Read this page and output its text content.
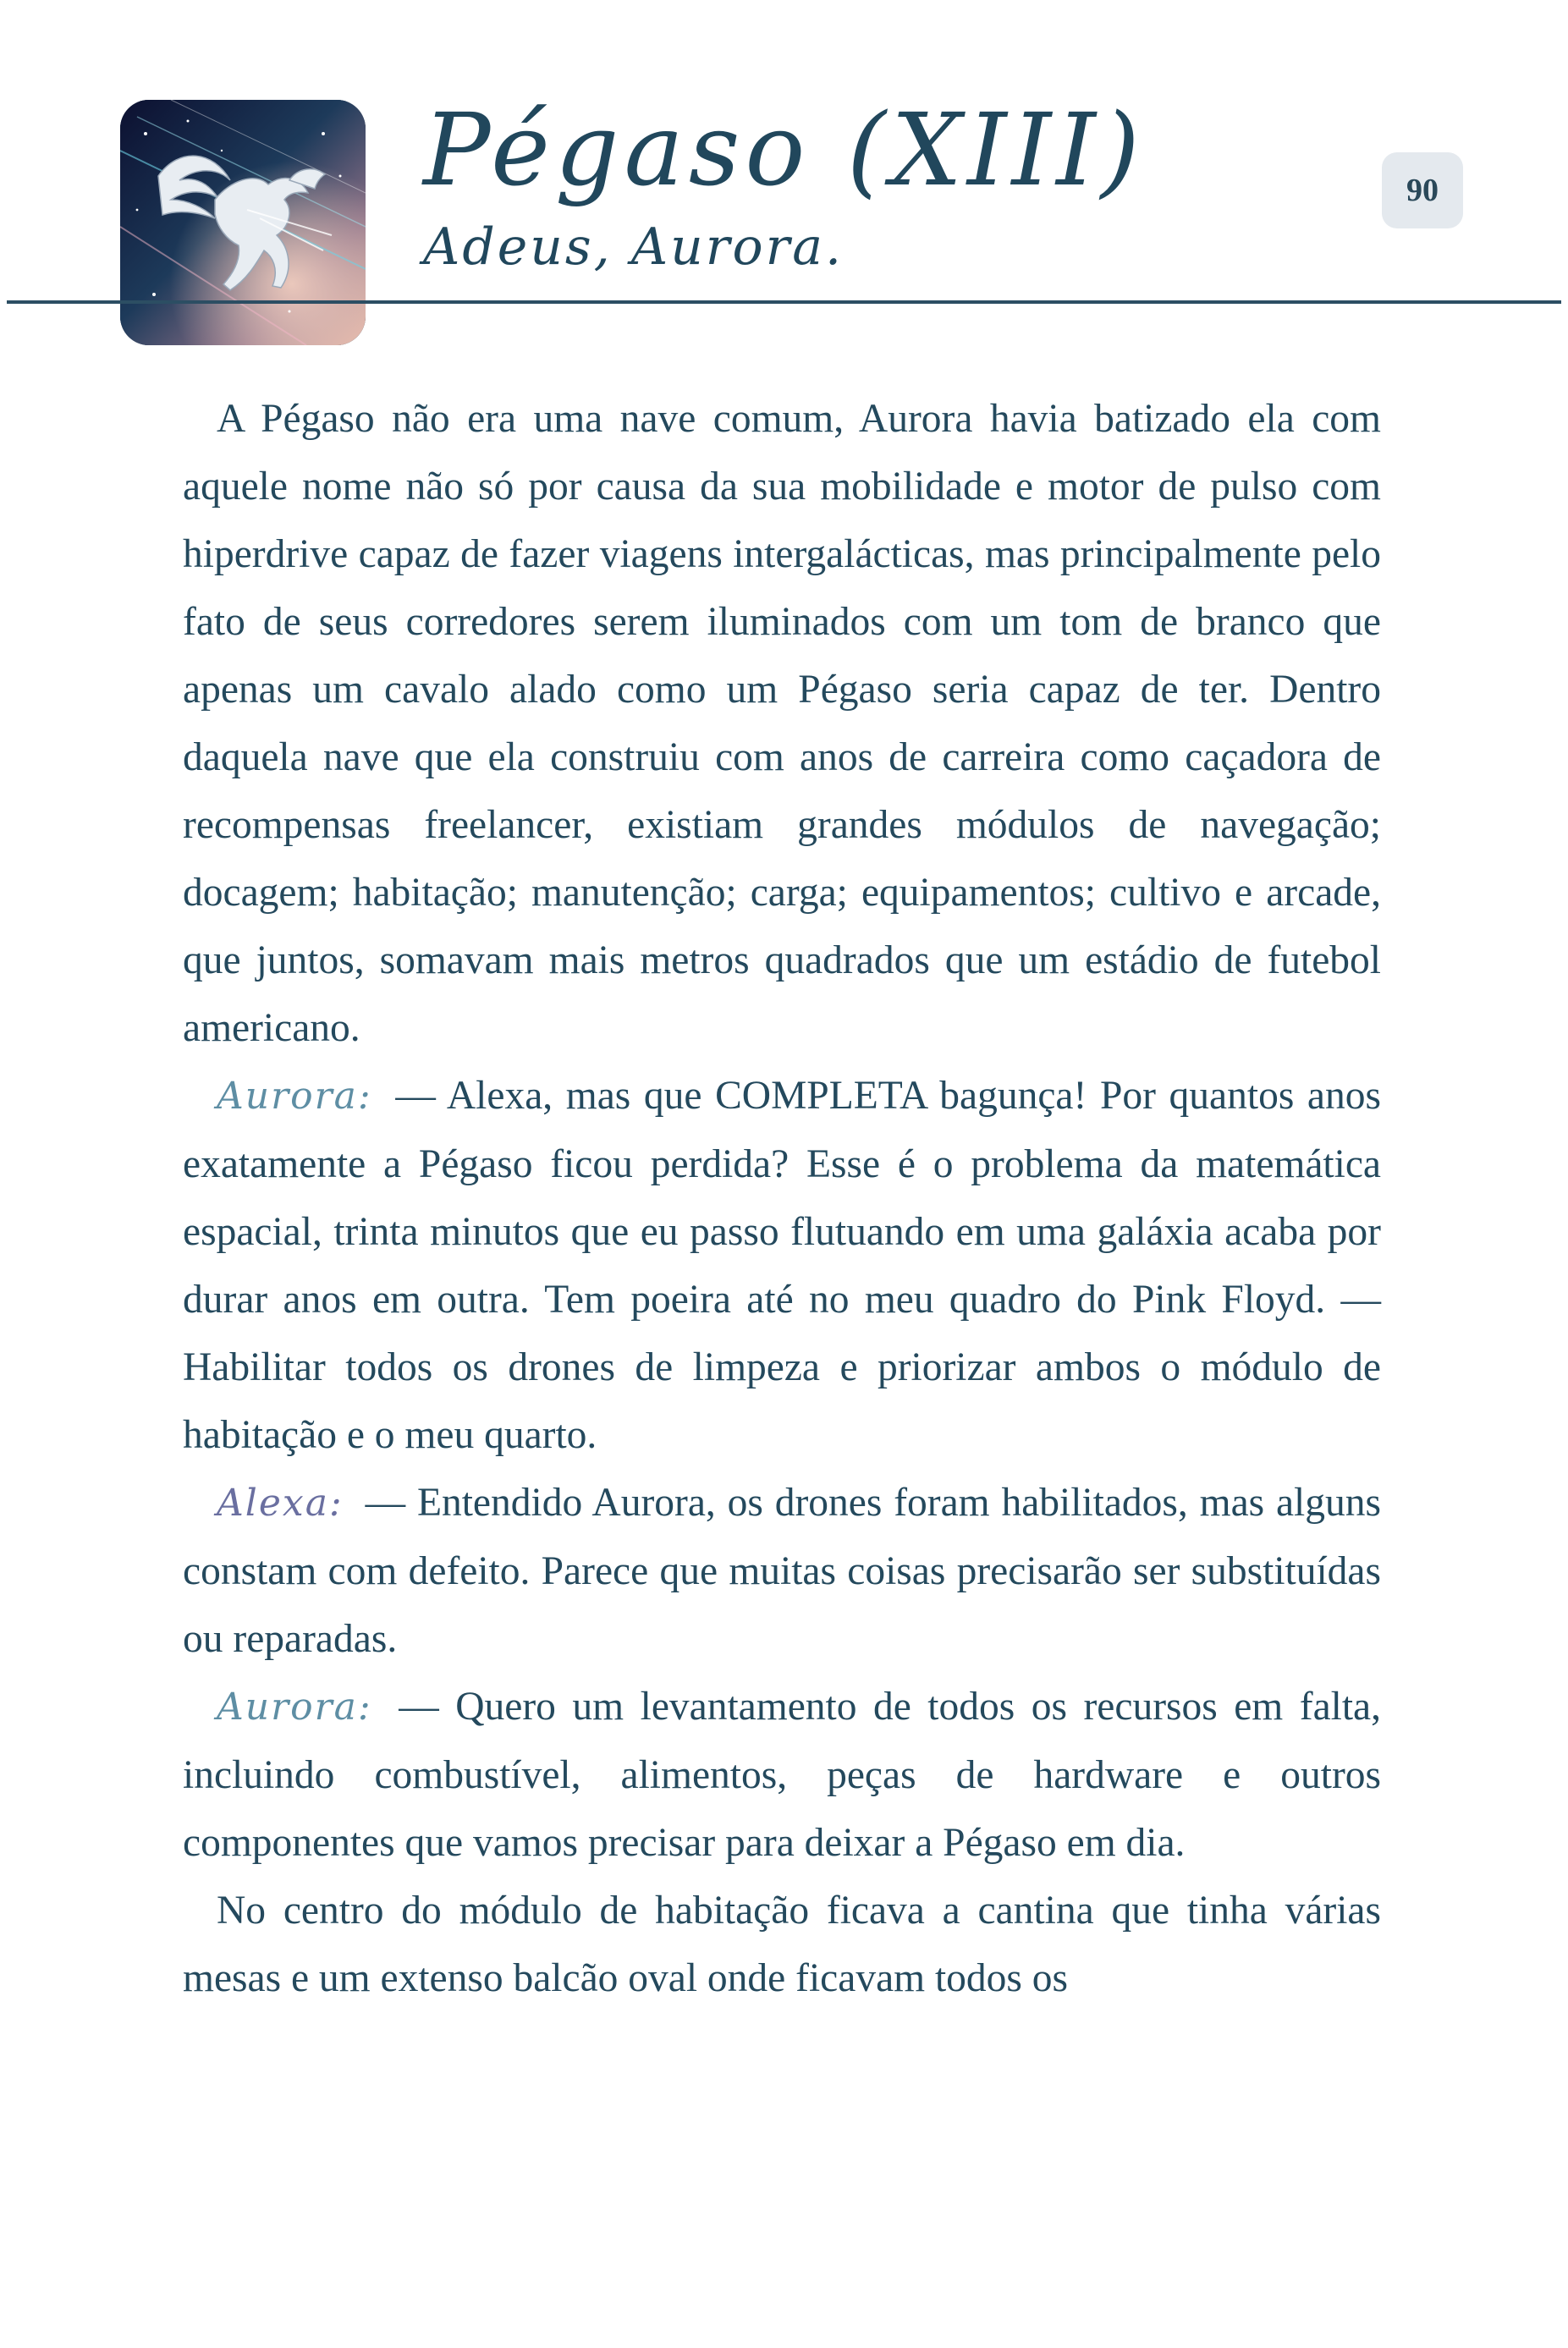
Pégaso (XIII)
Adeus, Aurora.
90

A Pégaso não era uma nave comum, Aurora havia batizado ela com aquele nome não só por causa da sua mobilidade e motor de pulso com hiperdrive capaz de fazer viagens intergalácticas, mas principalmente pelo fato de seus corredores serem iluminados com um tom de branco que apenas um cavalo alado como um Pégaso seria capaz de ter. Dentro daquela nave que ela construiu com anos de carreira como caçadora de recompensas freelancer, existiam grandes módulos de navegação; docagem; habitação; manutenção; carga; equipamentos; cultivo e arcade, que juntos, somavam mais metros quadrados que um estádio de futebol americano.

Aurora: — Alexa, mas que COMPLETA bagunça! Por quantos anos exatamente a Pégaso ficou perdida? Esse é o problema da matemática espacial, trinta minutos que eu passo flutuando em uma galáxia acaba por durar anos em outra. Tem poeira até no meu quadro do Pink Floyd. — Habilitar todos os drones de limpeza e priorizar ambos o módulo de habitação e o meu quarto.

Alexa: — Entendido Aurora, os drones foram habilitados, mas alguns constam com defeito. Parece que muitas coisas precisarão ser substituídas ou reparadas.

Aurora: — Quero um levantamento de todos os recursos em falta, incluindo combustível, alimentos, peças de hardware e outros componentes que vamos precisar para deixar a Pégaso em dia.

No centro do módulo de habitação ficava a cantina que tinha várias mesas e um extenso balcão oval onde ficavam todos os
